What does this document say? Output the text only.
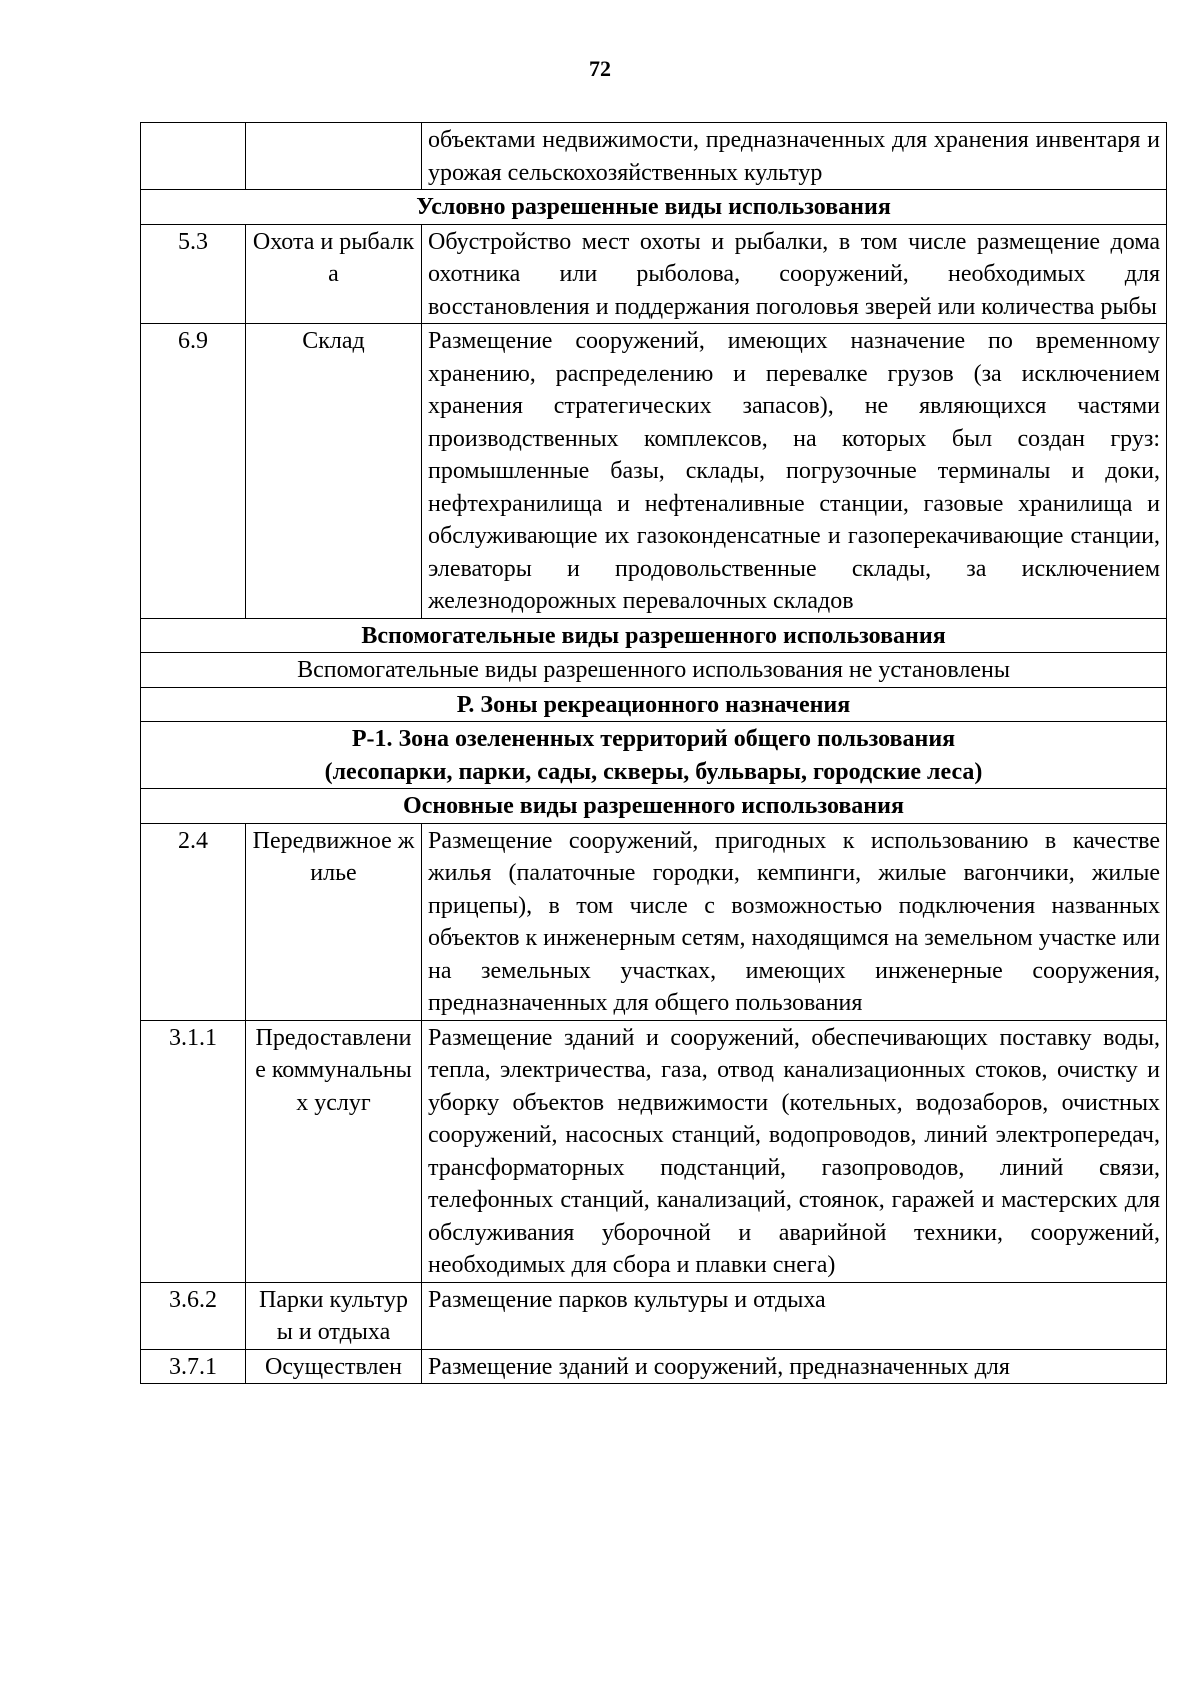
72
		объектами недвижимости, предназначенных для хранения инвентаря и урожая сельскохозяйственных культур
Условно разрешенные виды использования		
5.3	Охота и рыбалка	Обустройство мест охоты и рыбалки, в том числе размещение дома охотника или рыболова, сооружений, необходимых для восстановления и поддержания поголовья зверей или количества рыбы
6.9	Склад	Размещение сооружений, имеющих назначение по временному хранению, распределению и перевалке грузов (за исключением хранения стратегических запасов), не являющихся частями производственных комплексов, на которых был создан груз: промышленные базы, склады, погрузочные терминалы и доки, нефтехранилища и нефтеналивные станции, газовые хранилища и обслуживающие их газоконденсатные и газоперекачивающие станции, элеваторы и продовольственные склады, за исключением железнодорожных перевалочных складов
Вспомогательные виды разрешенного использования		
Вспомогательные виды разрешенного использования не установлены		
Р. Зоны рекреационного назначения		

Р-1. Зона озелененных территорий общего пользования
(лесопарки, парки, сады, скверы, бульвары, городские леса)		

Основные виды разрешенного использования		
2.4	Передвижное жилье	Размещение сооружений, пригодных к использованию в качестве жилья (палаточные городки, кемпинги, жилые вагончики, жилые прицепы), в том числе с возможностью подключения названных объектов к инженерным сетям, находящимся на земельном участке или на земельных участках, имеющих инженерные сооружения, предназначенных для общего пользования
3.1.1	Предоставление коммунальных услуг	Размещение зданий и сооружений, обеспечивающих поставку воды, тепла, электричества, газа, отвод канализационных стоков, очистку и уборку объектов недвижимости (котельных, водозаборов, очистных сооружений, насосных станций, водопроводов, линий электропередач, трансформаторных подстанций, газопроводов, линий связи, телефонных станций, канализаций, стоянок, гаражей и мастерских для обслуживания уборочной и аварийной техники, сооружений, необходимых для сбора и плавки снега)
3.6.2	Парки культуры и отдыха	Размещение парков культуры и отдыха
3.7.1	Осуществлен	Размещение зданий и сооружений, предназначенных для
